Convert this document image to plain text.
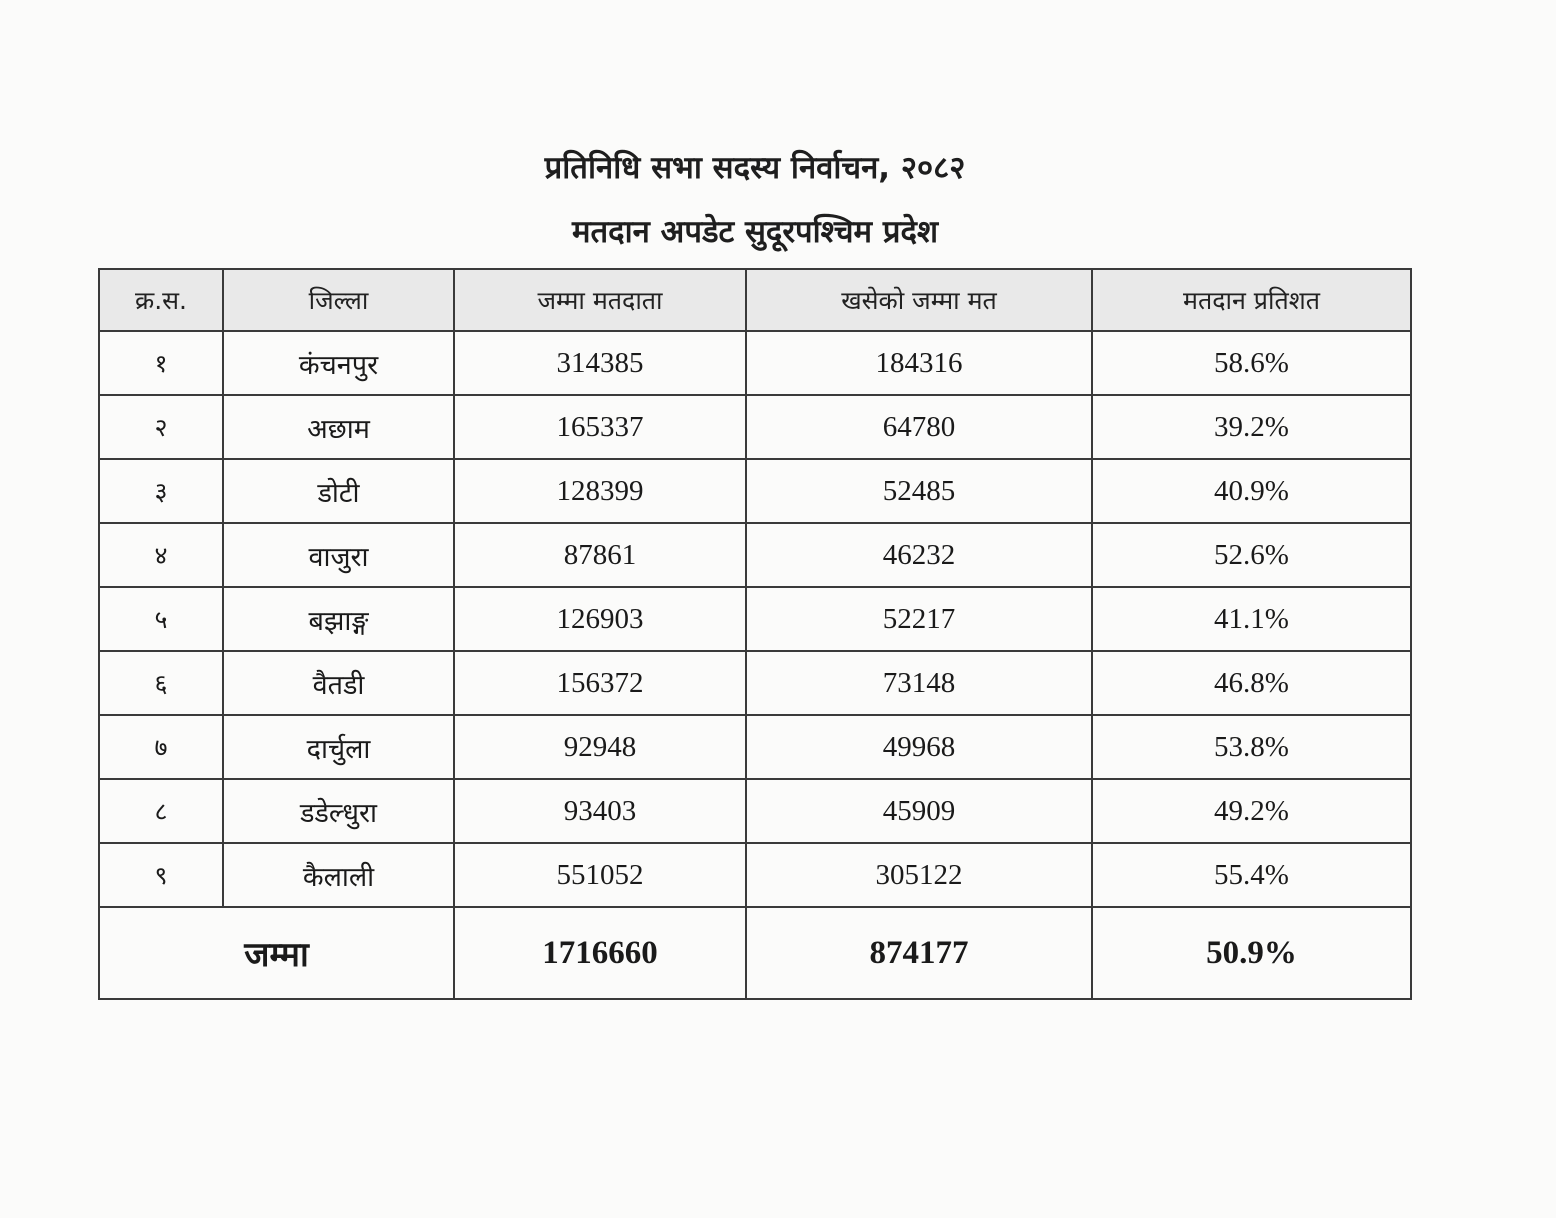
प्रतिनिधि सभा सदस्य निर्वाचन, २०८२
मतदान अपडेट सुदूरपश्चिम प्रदेश
क्र.स.	जिल्ला	जम्मा मतदाता	खसेको जम्मा मत	मतदान प्रतिशत
१	कंचनपुर	314385	184316	58.6%
२	अछाम	165337	64780	39.2%
३	डोटी	128399	52485	40.9%
४	वाजुरा	87861	46232	52.6%
५	बझाङ्ग	126903	52217	41.1%
६	वैतडी	156372	73148	46.8%
७	दार्चुला	92948	49968	53.8%
८	डडेल्धुरा	93403	45909	49.2%
९	कैलाली	551052	305122	55.4%
जम्मा		1716660	874177	50.9%
